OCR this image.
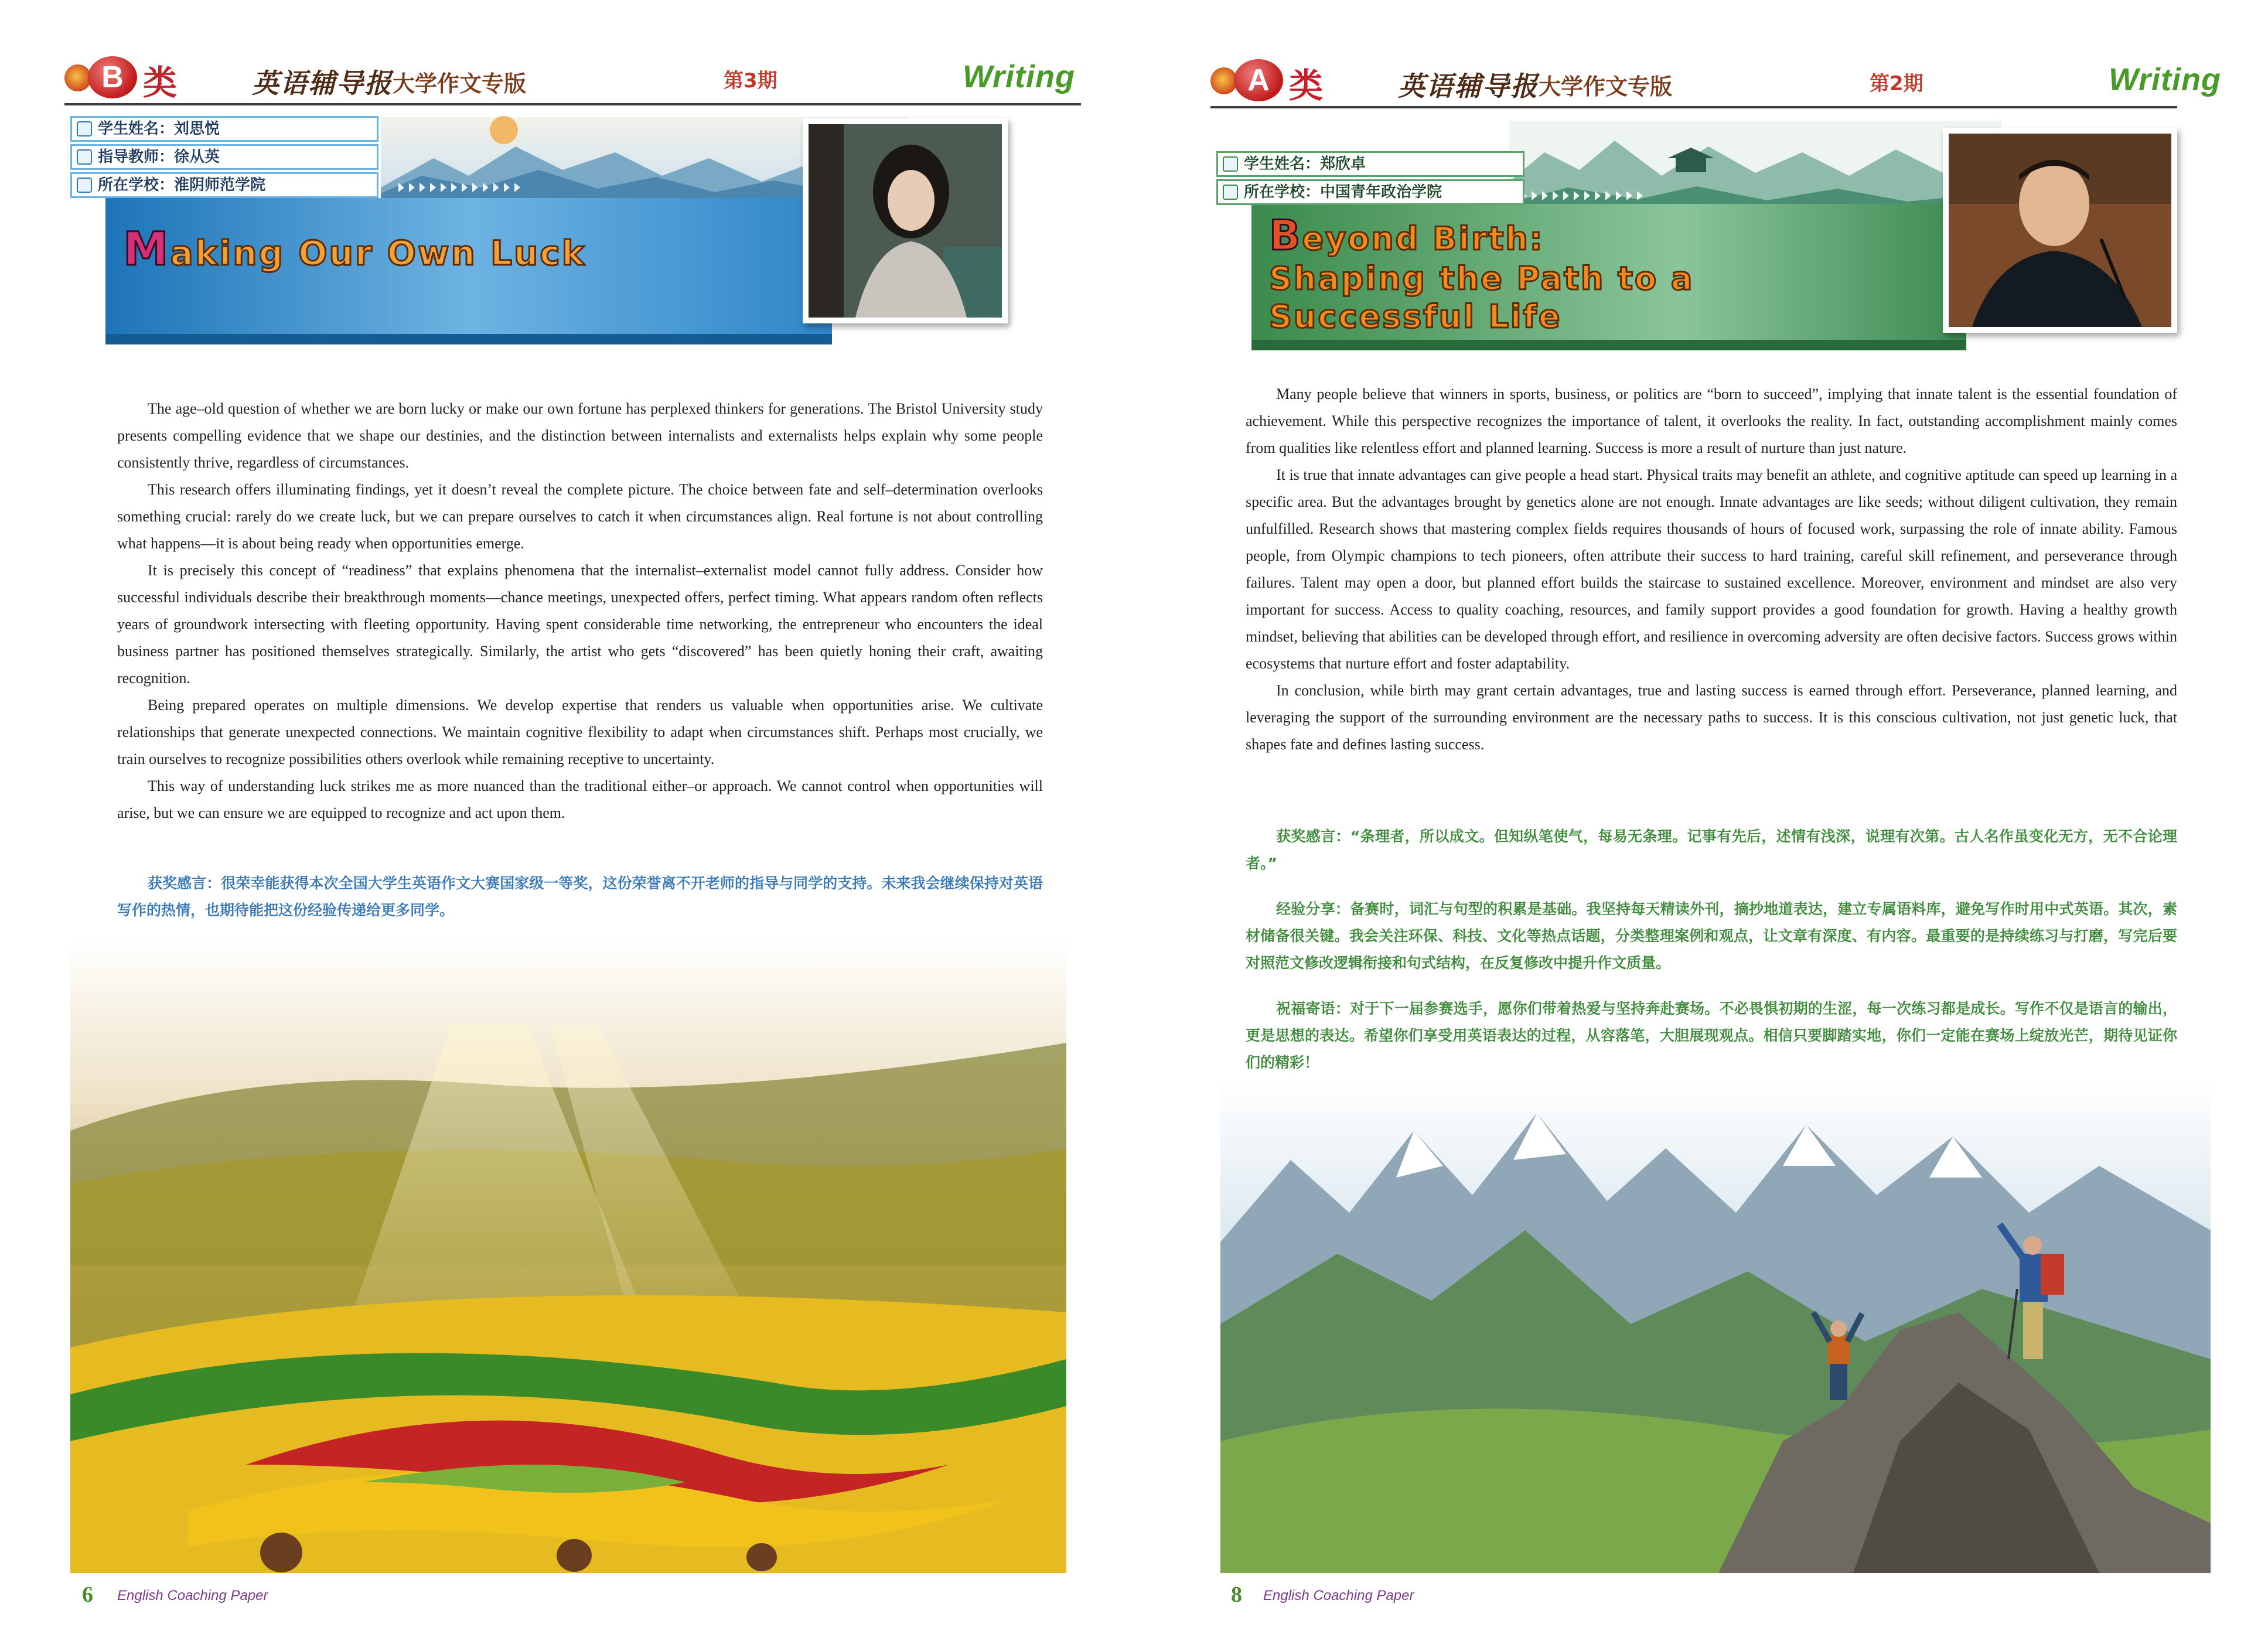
B 类	英语辅导报 大学作文专版	第3期	Writing
学生姓名：刘思悦
指导教师：徐从英
所在学校：淮阴师范学院
Making Our Own Luck

The age–old question of whether we are born lucky or make our own fortune has perplexed thinkers for generations. The Bristol University study presents compelling evidence that we shape our destinies, and the distinction between internalists and externalists helps explain why some people consistently thrive, regardless of circumstances.

This research offers illuminating findings, yet it doesn’t reveal the complete picture. The choice between fate and self–determination overlooks something crucial: rarely do we create luck, but we can prepare ourselves to catch it when circumstances align. Real fortune is not about controlling what happens—it is about being ready when opportunities emerge.

It is precisely this concept of “readiness” that explains phenomena that the internalist–externalist model cannot fully address. Consider how successful individuals describe their breakthrough moments—chance meetings, unexpected offers, perfect timing. What appears random often reflects years of groundwork intersecting with fleeting opportunity. Having spent considerable time networking, the entrepreneur who encounters the ideal business partner has positioned themselves strategically. Similarly, the artist who gets “discovered” has been quietly honing their craft, awaiting recognition.

Being prepared operates on multiple dimensions. We develop expertise that renders us valuable when opportunities arise. We cultivate relationships that generate unexpected connections. We maintain cognitive flexibility to adapt when circumstances shift. Perhaps most crucially, we train ourselves to recognize possibilities others overlook while remaining receptive to uncertainty.

This way of understanding luck strikes me as more nuanced than the traditional either–or approach. We cannot control when opportunities will arise, but we can ensure we are equipped to recognize and act upon them.

获奖感言：很荣幸能获得本次全国大学生英语作文大赛国家级一等奖，这份荣誉离不开老师的指导与同学的支持。未来我会继续保持对英语写作的热情，也期待能把这份经验传递给更多同学。

6 English Coaching Paper
A 类	英语辅导报 大学作文专版	第2期	Writing
学生姓名：郑欣卓
所在学校：中国青年政治学院
Beyond Birth:
Shaping the Path to a
Successful Life

Many people believe that winners in sports, business, or politics are “born to succeed”, implying that innate talent is the essential foundation of achievement. While this perspective recognizes the importance of talent, it overlooks the reality. In fact, outstanding accomplishment mainly comes from qualities like relentless effort and planned learning. Success is more a result of nurture than just nature.

It is true that innate advantages can give people a head start. Physical traits may benefit an athlete, and cognitive aptitude can speed up learning in a specific area. But the advantages brought by genetics alone are not enough. Innate advantages are like seeds; without diligent cultivation, they remain unfulfilled. Research shows that mastering complex fields requires thousands of hours of focused work, surpassing the role of innate ability. Famous people, from Olympic champions to tech pioneers, often attribute their success to hard training, careful skill refinement, and perseverance through failures. Talent may open a door, but planned effort builds the staircase to sustained excellence. Moreover, environment and mindset are also very important for success. Access to quality coaching, resources, and family support provides a good foundation for growth. Having a healthy growth mindset, believing that abilities can be developed through effort, and resilience in overcoming adversity are often decisive factors. Success grows within ecosystems that nurture effort and foster adaptability.

In conclusion, while birth may grant certain advantages, true and lasting success is earned through effort. Perseverance, planned learning, and leveraging the support of the surrounding environment are the necessary paths to success. It is this conscious cultivation, not just genetic luck, that shapes fate and defines lasting success.

获奖感言：“条理者，所以成文。但知纵笔使气，每易无条理。记事有先后，述情有浅深，说理有次第。古人名作虽变化无方，无不合论理者。”

经验分享：备赛时，词汇与句型的积累是基础。我坚持每天精读外刊，摘抄地道表达，建立专属语料库，避免写作时用中式英语。其次，素材储备很关键。我会关注环保、科技、文化等热点话题，分类整理案例和观点，让文章有深度、有内容。最重要的是持续练习与打磨，写完后要对照范文修改逻辑衔接和句式结构，在反复修改中提升作文质量。

祝福寄语：对于下一届参赛选手，愿你们带着热爱与坚持奔赴赛场。不必畏惧初期的生涩，每一次练习都是成长。写作不仅是语言的输出，更是思想的表达。希望你们享受用英语表达的过程，从容落笔，大胆展现观点。相信只要脚踏实地，你们一定能在赛场上绽放光芒，期待见证你们的精彩！

8 English Coaching Paper
